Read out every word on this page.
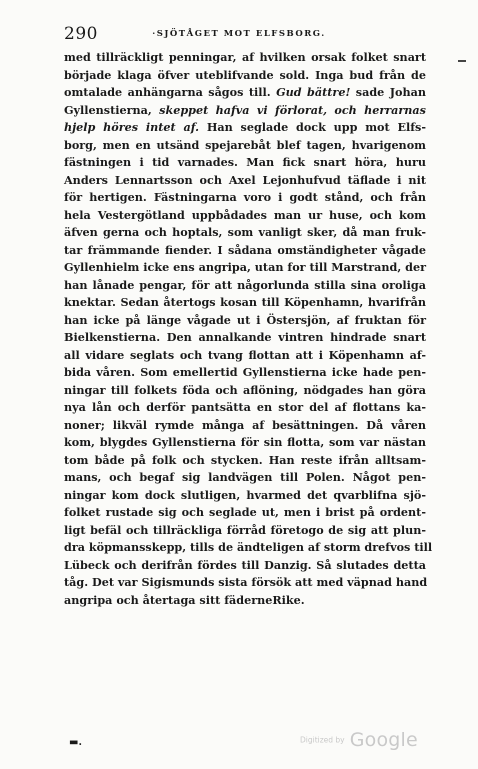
290	·SJÖTÅGET MOT ELFSBORG.
med tillräckligt penningar, af hvilken orsak folket snart
började klaga öfver uteblifvande sold. Inga bud från de
omtalade anhängarna sågos till. Gud bättre! sade Johan
Gyllenstierna, skeppet hafva vi förlorat, och herrarnas
hjelp höres intet af. Han seglade dock upp mot Elfs-
borg, men en utsänd spejarebåt blef tagen, hvarigenom
fästningen i tid varnades. Man fick snart höra, huru
Anders Lennartsson och Axel Lejonhufvud täflade i nit
för hertigen. Fästningarna voro i godt stånd, och från
hela Vestergötland uppbådades man ur huse, och kom
äfven gerna och hoptals, som vanligt sker, då man fruk-
tar främmande fiender. I sådana omständigheter vågade
Gyllenhielm icke ens angripa, utan for till Marstrand, der
han lånade pengar, för att någorlunda stilla sina oroliga
knektar. Sedan återtogs kosan till Köpenhamn, hvarifrån
han icke på länge vågade ut i Östersjön, af fruktan för
Bielkenstierna. Den annalkande vintren hindrade snart
all vidare seglats och tvang flottan att i Köpenhamn af-
bida våren. Som emellertid Gyllenstierna icke hade pen-
ningar till folkets föda och aflöning, nödgades han göra
nya lån och derför pantsätta en stor del af flottans ka-
noner; likväl rymde många af besättningen. Då våren
kom, blygdes Gyllenstierna för sin flotta, som var nästan
tom både på folk och stycken. Han reste ifrån alltsam-
mans, och begaf sig landvägen till Polen. Något pen-
ningar kom dock slutligen, hvarmed det qvarblifna sjö-
folket rustade sig och seglade ut, men i brist på ordent-
ligt befäl och tillräckliga förråd företogo de sig att plun-
dra köpmansskepp, tills de ändteligen af storm drefvos till
Lübeck och derifrån fördes till Danzig. Så slutades detta
tåg. Det var Sigismunds sista försök att med väpnad hand
angripa och återtaga sitt fäderneRike.
▬.	Digitized by Google
